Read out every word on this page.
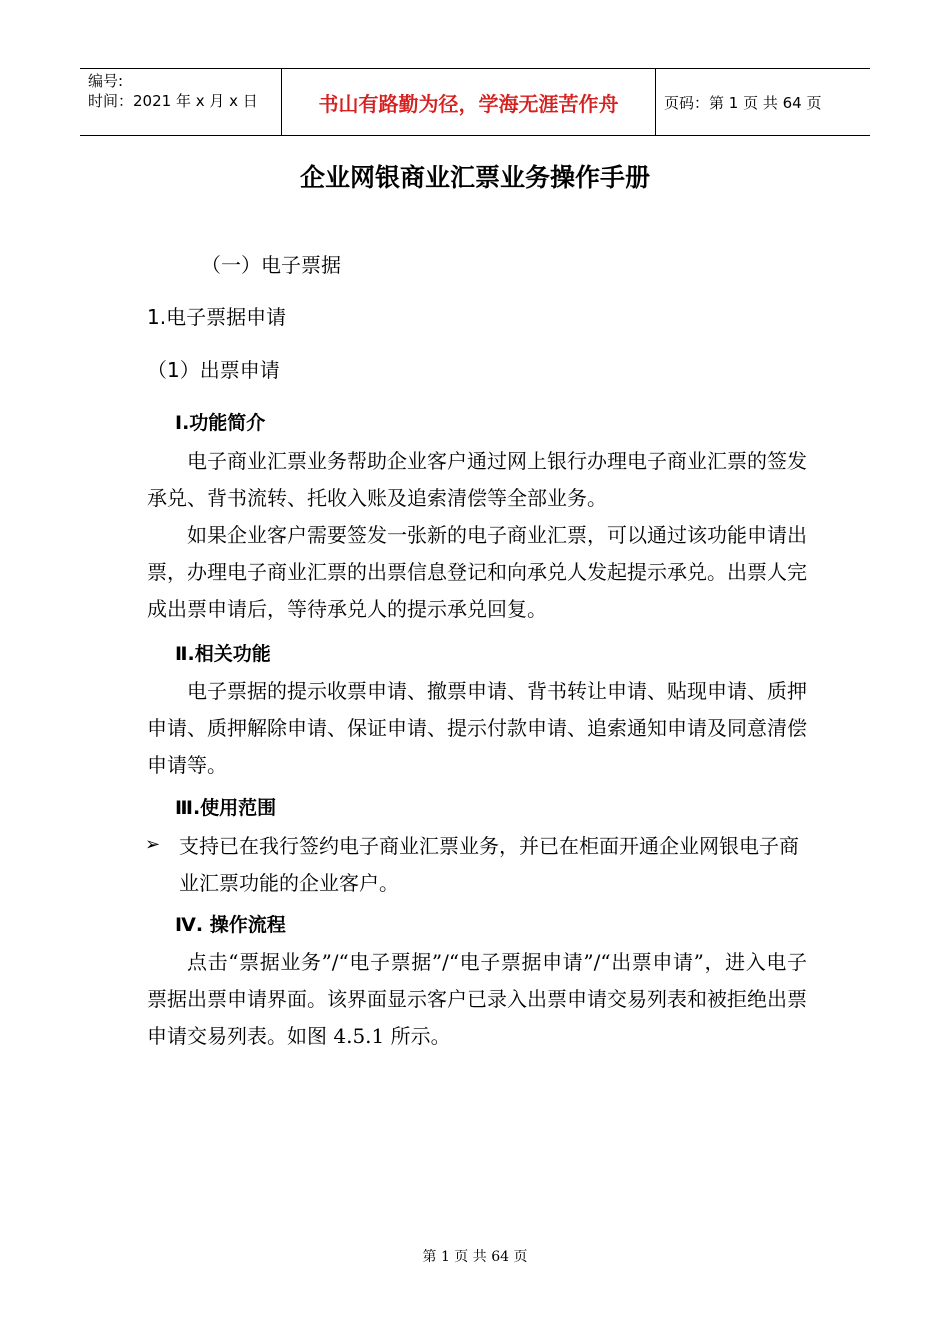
编号:
时间：2021 年 x 月 x 日	书山有路勤为径，学海无涯苦作舟	页码：第 1 页 共 64 页
企业网银商业汇票业务操作手册
（一）电子票据
1.电子票据申请
（1）出票申请
Ⅰ.功能简介
电子商业汇票业务帮助企业客户通过网上银行办理电子商业汇票的签发承兑、背书流转、托收入账及追索清偿等全部业务。
如果企业客户需要签发一张新的电子商业汇票，可以通过该功能申请出票，办理电子商业汇票的出票信息登记和向承兑人发起提示承兑。出票人完成出票申请后，等待承兑人的提示承兑回复。
Ⅱ.相关功能
电子票据的提示收票申请、撤票申请、背书转让申请、贴现申请、质押申请、质押解除申请、保证申请、提示付款申请、追索通知申请及同意清偿申请等。
Ⅲ.使用范围
➢ 支持已在我行签约电子商业汇票业务，并已在柜面开通企业网银电子商业汇票功能的企业客户。
Ⅳ. 操作流程
点击“票据业务”/“电子票据”/“电子票据申请”/“出票申请”，进入电子票据出票申请界面。该界面显示客户已录入出票申请交易列表和被拒绝出票申请交易列表。如图 4.5.1 所示。
第 1 页 共 64 页
